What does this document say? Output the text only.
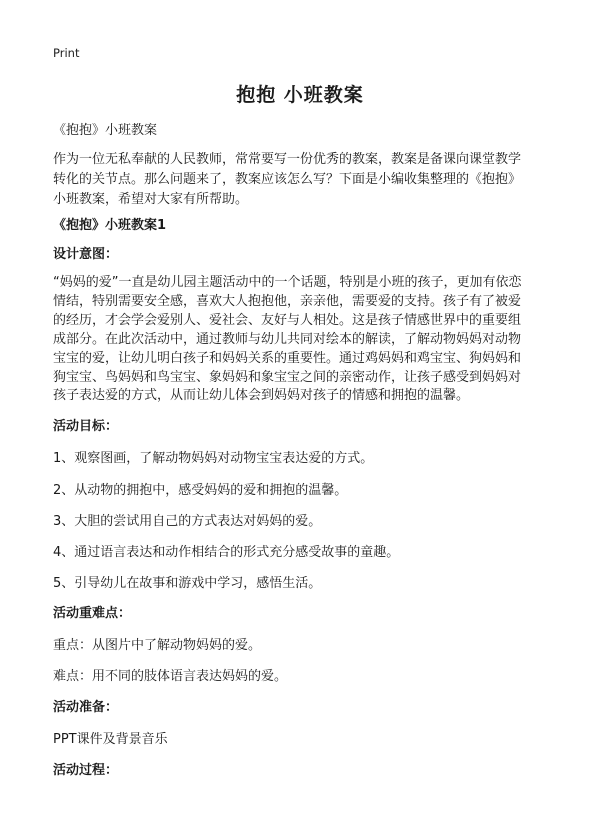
Print
抱抱 小班教案
《抱抱》小班教案
作为一位无私奉献的人民教师，常常要写一份优秀的教案，教案是备课向课堂教学
转化的关节点。那么问题来了，教案应该怎么写？下面是小编收集整理的《抱抱》
小班教案，希望对大家有所帮助。
《抱抱》小班教案1
设计意图：
“妈妈的爱”一直是幼儿园主题活动中的一个话题，特别是小班的孩子，更加有依恋
情结，特别需要安全感，喜欢大人抱抱他，亲亲他，需要爱的支持。孩子有了被爱
的经历，才会学会爱别人、爱社会、友好与人相处。这是孩子情感世界中的重要组
成部分。在此次活动中，通过教师与幼儿共同对绘本的解读，了解动物妈妈对动物
宝宝的爱，让幼儿明白孩子和妈妈关系的重要性。通过鸡妈妈和鸡宝宝、狗妈妈和
狗宝宝、鸟妈妈和鸟宝宝、象妈妈和象宝宝之间的亲密动作，让孩子感受到妈妈对
孩子表达爱的方式，从而让幼儿体会到妈妈对孩子的情感和拥抱的温馨。
活动目标：
1、观察图画，了解动物妈妈对动物宝宝表达爱的方式。
2、从动物的拥抱中，感受妈妈的爱和拥抱的温馨。
3、大胆的尝试用自己的方式表达对妈妈的爱。
4、通过语言表达和动作相结合的形式充分感受故事的童趣。
5、引导幼儿在故事和游戏中学习，感悟生活。
活动重难点：
重点：从图片中了解动物妈妈的爱。
难点：用不同的肢体语言表达妈妈的爱。
活动准备：
PPT课件及背景音乐
活动过程：
